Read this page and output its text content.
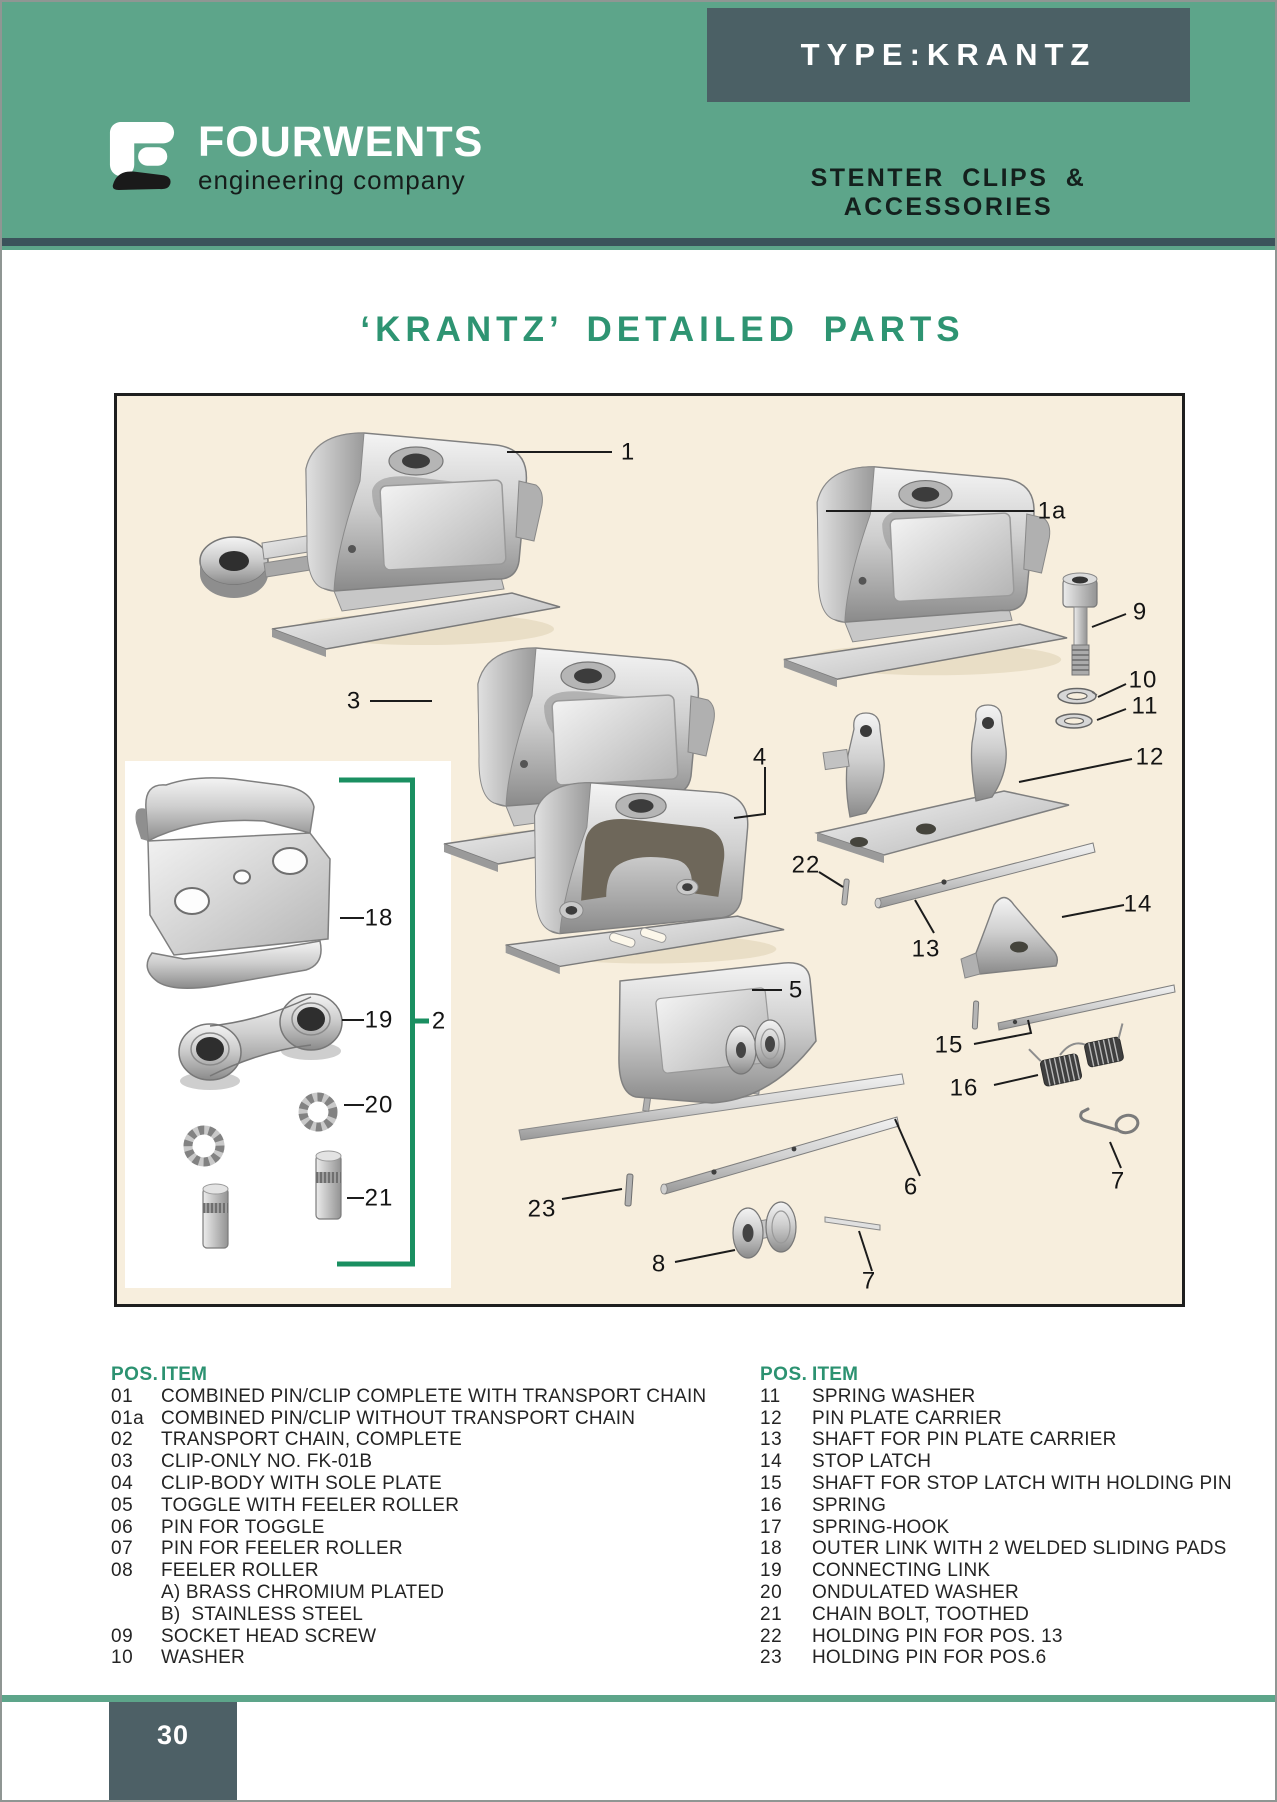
TYPE:KRANTZ
FOURWENTS
engineering company	STENTER CLIPS & ACCESSORIES
‘KRANTZ’ DETAILED PARTS
1
1a
9
10
11
12
3
4
22
13
14
5
15
16
6	7
23
8
7
18
19
20
21
2
POS. ITEM
01	COMBINED PIN/CLIP COMPLETE WITH TRANSPORT CHAIN
01a COMBINED PIN/CLIP WITHOUT TRANSPORT CHAIN
02	TRANSPORT CHAIN, COMPLETE
03	CLIP-ONLY NO. FK-01B
04	CLIP-BODY WITH SOLE PLATE
05	TOGGLE WITH FEELER ROLLER
06	PIN FOR TOGGLE
07	PIN FOR FEELER ROLLER
08	FEELER ROLLER
A) BRASS CHROMIUM PLATED
B)  STAINLESS STEEL
09	SOCKET HEAD SCREW
10	WASHER
POS. ITEM
11	SPRING WASHER
12	PIN PLATE CARRIER
13	SHAFT FOR PIN PLATE CARRIER
14	STOP LATCH
15	SHAFT FOR STOP LATCH WITH HOLDING PIN
16	SPRING
17	SPRING-HOOK
18	OUTER LINK WITH 2 WELDED SLIDING PADS
19	CONNECTING LINK
20	ONDULATED WASHER
21	CHAIN BOLT, TOOTHED
22	HOLDING PIN FOR POS. 13
23	HOLDING PIN FOR POS.6
30
